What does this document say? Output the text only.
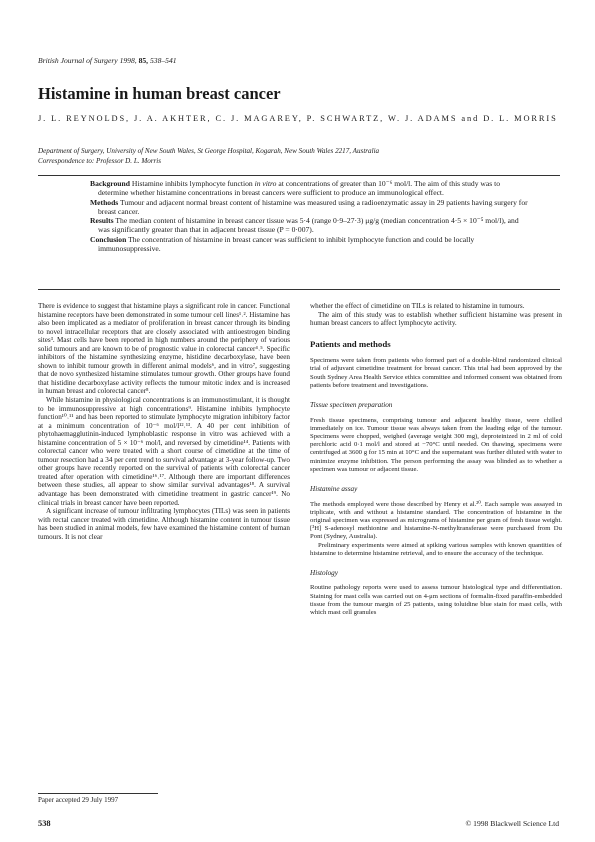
British Journal of Surgery 1998, 85, 538–541
Histamine in human breast cancer
J. L. REYNOLDS, J. A. AKHTER, C. J. MAGAREY, P. SCHWARTZ, W. J. ADAMS and D. L. MORRIS
Department of Surgery, University of New South Wales, St George Hospital, Kogarah, New South Wales 2217, Australia
Correspondence to: Professor D. L. Morris

Background Histamine inhibits lymphocyte function in vitro at concentrations of greater than 10⁻⁶ mol/l. The aim of this study was to determine whether histamine concentrations in breast cancers were sufficient to produce an immunological effect.

Methods Tumour and adjacent normal breast content of histamine was measured using a radioenzymatic assay in 29 patients having surgery for breast cancer.

Results The median content of histamine in breast cancer tissue was 5·4 (range 0·9–27·3) μg/g (median concentration 4·5 × 10⁻⁵ mol/l), and was significantly greater than that in adjacent breast tissue (P = 0·007).

Conclusion The concentration of histamine in breast cancer was sufficient to inhibit lymphocyte function and could be locally immunosuppressive.

There is evidence to suggest that histamine plays a significant role in cancer. Functional histamine receptors have been demonstrated in some tumour cell lines¹˒². Histamine has also been implicated as a mediator of proliferation in breast cancer through its binding to novel intracellular receptors that are closely associated with antioestrogen binding sites³. Mast cells have been reported in high numbers around the periphery of various solid tumours and are known to be of prognostic value in colorectal cancer⁴˒⁵. Specific inhibitors of the histamine synthesizing enzyme, histidine decarboxylase, have been shown to inhibit tumour growth in different animal models⁶, and in vitro⁷, suggesting that de novo synthesized histamine stimulates tumour growth. Other groups have found that histidine decarboxylase activity reflects the tumour mitotic index and is increased in human breast and colorectal cancer⁸.

While histamine in physiological concentrations is an immunostimulant, it is thought to be immunosuppressive at high concentrations⁹. Histamine inhibits lymphocyte function¹⁰˒¹¹ and has been reported to stimulate lymphocyte migration inhibitory factor at a minimum concentration of 10⁻⁶ mol/l¹²˒¹³. A 40 per cent inhibition of phytohaemagglutinin-induced lymphoblastic response in vitro was achieved with a histamine concentration of 5 × 10⁻⁶ mol/l, and reversed by cimetidine¹⁴. Patients with colorectal cancer who were treated with a short course of cimetidine at the time of tumour resection had a 34 per cent trend to survival advantage at 3-year follow-up. Two other groups have recently reported on the survival of patients with colorectal cancer treated after operation with cimetidine¹⁶˒¹⁷. Although there are important differences between these studies, all appear to show similar survival advantages¹⁸. A survival advantage has been demonstrated with cimetidine treatment in gastric cancer¹⁹. No clinical trials in breast cancer have been reported.

A significant increase of tumour infiltrating lymphocytes (TILs) was seen in patients with rectal cancer treated with cimetidine. Although histamine content in tumour tissue has been studied in animal models, few have examined the histamine content of human tumours. It is not clear

whether the effect of cimetidine on TILs is related to histamine in tumours.

The aim of this study was to establish whether sufficient histamine was present in human breast cancers to affect lymphocyte activity.

Patients and methods

Specimens were taken from patients who formed part of a double-blind randomized clinical trial of adjuvant cimetidine treatment for breast cancer. This trial had been approved by the South Sydney Area Health Service ethics committee and informed consent was obtained from patients before treatment and investigations.

Tissue specimen preparation

Fresh tissue specimens, comprising tumour and adjacent healthy tissue, were chilled immediately on ice. Tumour tissue was always taken from the leading edge of the tumour. Specimens were chopped, weighed (average weight 300 mg), deproteinized in 2 ml of cold perchloric acid 0·1 mol/l and stored at −70°C until needed. On thawing, specimens were centrifuged at 3600 g for 15 min at 10°C and the supernatant was further diluted with water to minimize enzyme inhibition. The person performing the assay was blinded as to whether a specimen was tumour or adjacent tissue.

Histamine assay

The methods employed were those described by Henry et al.²⁰. Each sample was assayed in triplicate, with and without a histamine standard. The concentration of histamine in the original specimen was expressed as micrograms of histamine per gram of fresh tissue weight. [³H] S-adenosyl methionine and histamine-N-methyltransferase were purchased from Du Pont (Sydney, Australia).

Preliminary experiments were aimed at spiking various samples with known quantities of histamine to determine histamine retrieval, and to ensure the accuracy of the technique.

Histology

Routine pathology reports were used to assess tumour histological type and differentiation. Staining for mast cells was carried out on 4-μm sections of formalin-fixed paraffin-embedded tissue from the tumour margin of 25 patients, using toluidine blue stain for mast cells, with which mast cell granules

Paper accepted 29 July 1997
538	© 1998 Blackwell Science Ltd
